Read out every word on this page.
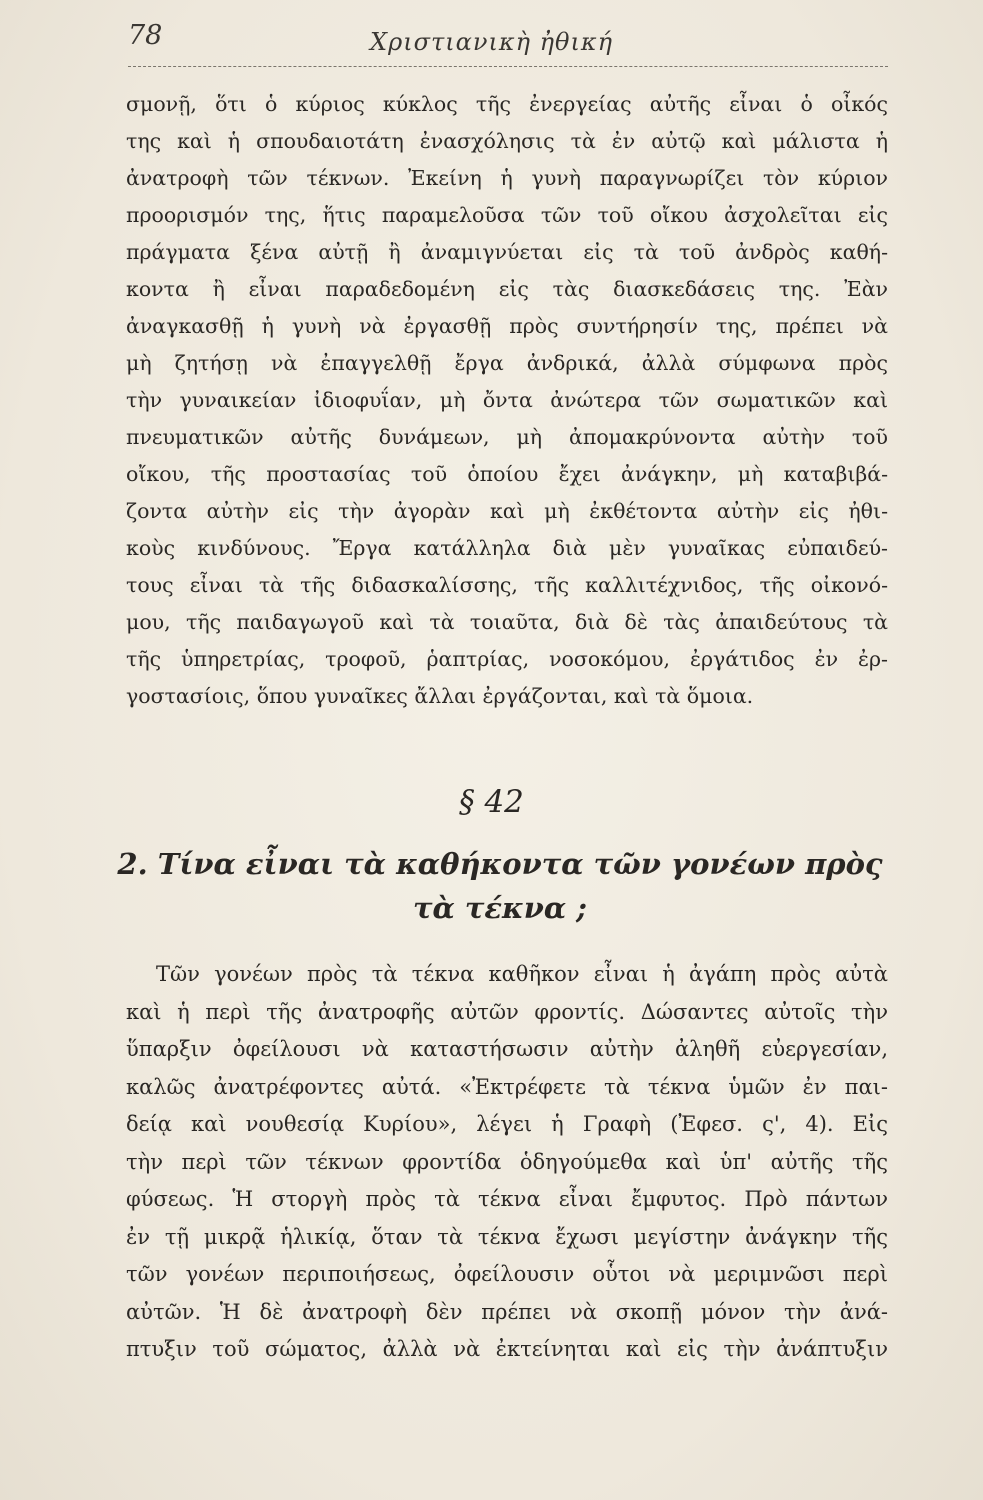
78	Χριστιανικὴ ἠθική
σμονῇ, ὅτι ὁ κύριος κύκλος τῆς ἐνεργείας αὐτῆς εἶναι ὁ οἶκός
της καὶ ἡ σπουδαιοτάτη ἐνασχόλησις τὰ ἐν αὐτῷ καὶ μάλιστα ἡ
ἀνατροφὴ τῶν τέκνων. Ἐκείνη ἡ γυνὴ παραγνωρίζει τὸν κύριον
προορισμόν της, ἥτις παραμελοῦσα τῶν τοῦ οἴκου ἀσχολεῖται εἰς
πράγματα ξένα αὐτῇ ἢ ἀναμιγνύεται εἰς τὰ τοῦ ἀνδρὸς καθή-
κοντα ἢ εἶναι παραδεδομένη εἰς τὰς διασκεδάσεις της. Ἐὰν
ἀναγκασθῇ ἡ γυνὴ νὰ ἐργασθῇ πρὸς συντήρησίν της, πρέπει νὰ
μὴ ζητήσῃ νὰ ἐπαγγελθῇ ἔργα ἀνδρικά, ἀλλὰ σύμφωνα πρὸς
τὴν γυναικείαν ἰδιοφυΐαν, μὴ ὄντα ἀνώτερα τῶν σωματικῶν καὶ
πνευματικῶν αὐτῆς δυνάμεων, μὴ ἀπομακρύνοντα αὐτὴν τοῦ
οἴκου, τῆς προστασίας τοῦ ὁποίου ἔχει ἀνάγκην, μὴ καταβιβά-
ζοντα αὐτὴν εἰς τὴν ἀγορὰν καὶ μὴ ἐκθέτοντα αὐτὴν εἰς ἠθι-
κοὺς κινδύνους. Ἔργα κατάλληλα διὰ μὲν γυναῖκας εὐπαιδεύ-
τους εἶναι τὰ τῆς διδασκαλίσσης, τῆς καλλιτέχνιδος, τῆς οἰκονό-
μου, τῆς παιδαγωγοῦ καὶ τὰ τοιαῦτα, διὰ δὲ τὰς ἀπαιδεύτους τὰ
τῆς ὑπηρετρίας, τροφοῦ, ῥαπτρίας, νοσοκόμου, ἐργάτιδος ἐν ἐρ-
γοστασίοις, ὅπου γυναῖκες ἄλλαι ἐργάζονται, καὶ τὰ ὅμοια.
§ 42
2. Τίνα εἶναι τὰ καθήκοντα τῶν γονέων πρὸς
τὰ τέκνα ;
Τῶν γονέων πρὸς τὰ τέκνα καθῆκον εἶναι ἡ ἀγάπη πρὸς αὐτὰ
καὶ ἡ περὶ τῆς ἀνατροφῆς αὐτῶν φροντίς. Δώσαντες αὐτοῖς τὴν
ὕπαρξιν ὀφείλουσι νὰ καταστήσωσιν αὐτὴν ἀληθῆ εὐεργεσίαν,
καλῶς ἀνατρέφοντες αὐτά. «Ἐκτρέφετε τὰ τέκνα ὑμῶν ἐν παι-
δείᾳ καὶ νουθεσίᾳ Κυρίου», λέγει ἡ Γραφὴ (Ἐφεσ. ς', 4). Εἰς
τὴν περὶ τῶν τέκνων φροντίδα ὁδηγούμεθα καὶ ὑπ' αὐτῆς τῆς
φύσεως. Ἡ στοργὴ πρὸς τὰ τέκνα εἶναι ἔμφυτος. Πρὸ πάντων
ἐν τῇ μικρᾷ ἡλικίᾳ, ὅταν τὰ τέκνα ἔχωσι μεγίστην ἀνάγκην τῆς
τῶν γονέων περιποιήσεως, ὀφείλουσιν οὗτοι νὰ μεριμνῶσι περὶ
αὐτῶν. Ἡ δὲ ἀνατροφὴ δὲν πρέπει νὰ σκοπῇ μόνον τὴν ἀνά-
πτυξιν τοῦ σώματος, ἀλλὰ νὰ ἐκτείνηται καὶ εἰς τὴν ἀνάπτυξιν
